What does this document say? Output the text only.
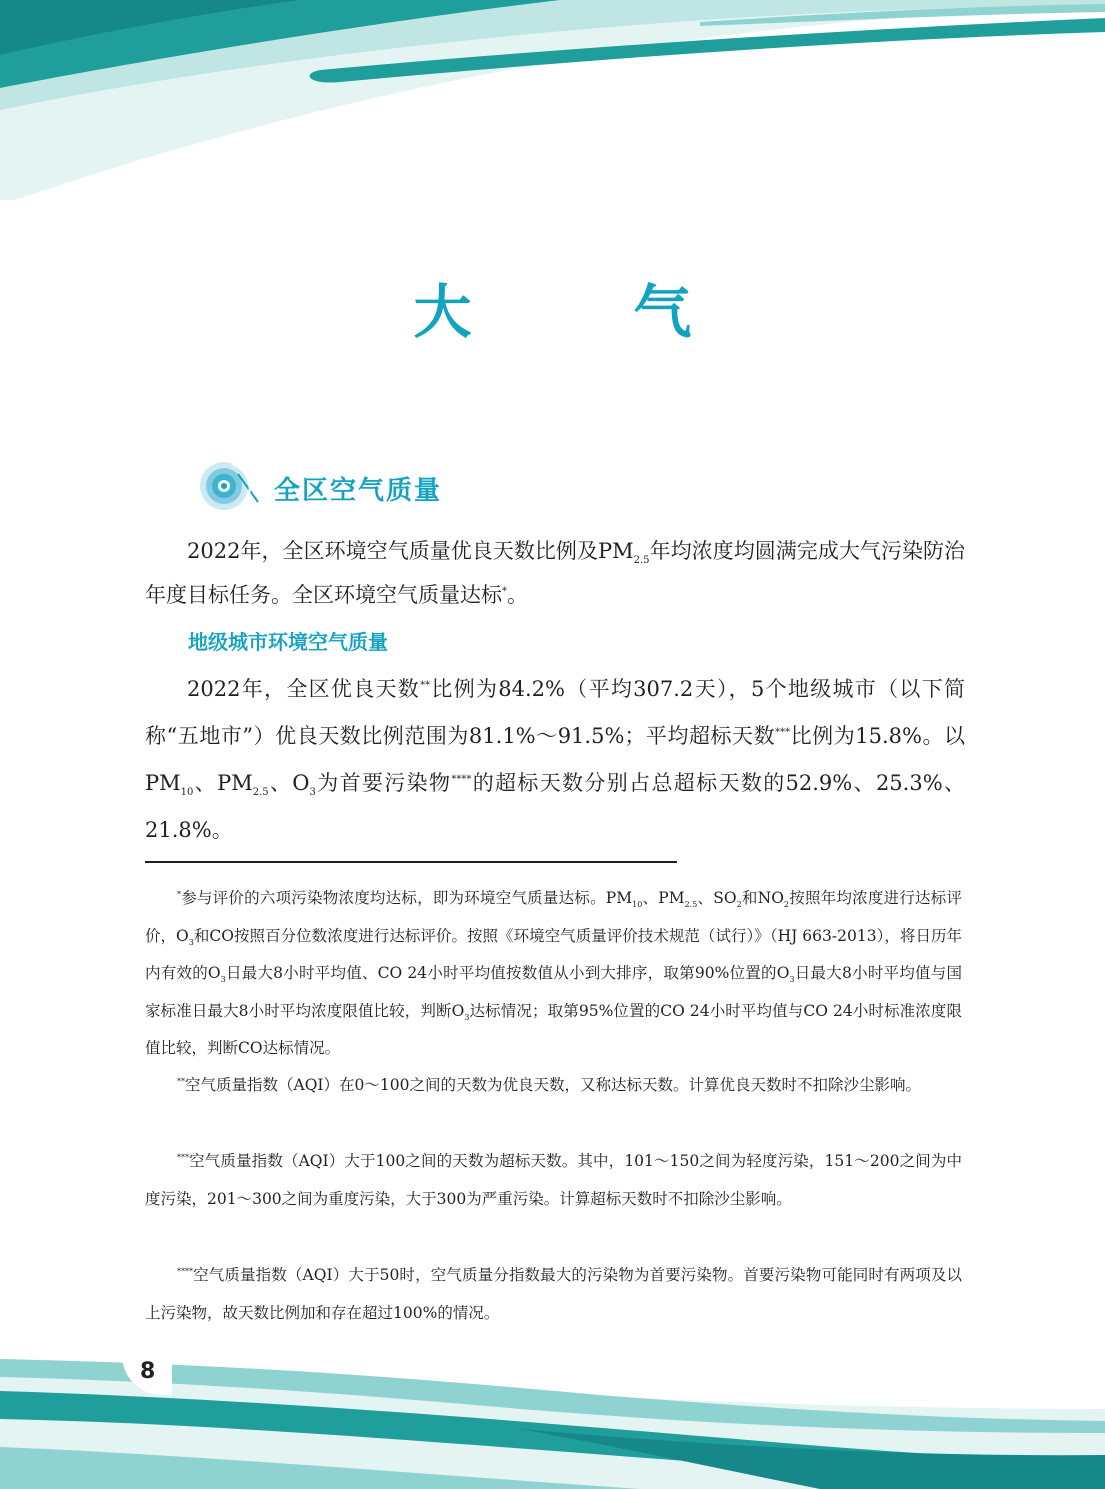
大　气
全区空气质量

2022年，全区环境空气质量优良天数比例及$PM_{2.5}$年均浓度均圆满完成大气污染防治年度目标任务。全区环境空气质量达标*。

地级城市环境空气质量

2022年，全区优良天数**比例为84.2%（平均307.2天），5个地级城市（以下简称“五地市”）优良天数比例范围为81.1%～91.5%；平均超标天数***比例为15.8%。以$PM_{10}$、$PM_{2.5}$、$O_3$为首要污染物****的超标天数分别占总超标天数的52.9%、25.3%、21.8%。

*参与评价的六项污染物浓度均达标，即为环境空气质量达标。$PM_{10}$、$PM_{2.5}$、$SO_2$和$NO_2$按照年均浓度进行达标评价，$O_3$和CO按照百分位数浓度进行达标评价。按照《环境空气质量评价技术规范（试行）》（HJ 663-2013），将日历年内有效的$O_3$日最大8小时平均值、CO 24小时平均值按数值从小到大排序，取第90%位置的$O_3$日最大8小时平均值与国家标准日最大8小时平均浓度限值比较，判断$O_3$达标情况；取第95%位置的CO 24小时平均值与CO 24小时标准浓度限值比较，判断CO达标情况。

**空气质量指数（AQI）在0～100之间的天数为优良天数，又称达标天数。计算优良天数时不扣除沙尘影响。

***空气质量指数（AQI）大于100之间的天数为超标天数。其中，101～150之间为轻度污染，151～200之间为中度污染，201～300之间为重度污染，大于300为严重污染。计算超标天数时不扣除沙尘影响。

****空气质量指数（AQI）大于50时，空气质量分指数最大的污染物为首要污染物。首要污染物可能同时有两项及以上污染物，故天数比例加和存在超过100%的情况。

8
